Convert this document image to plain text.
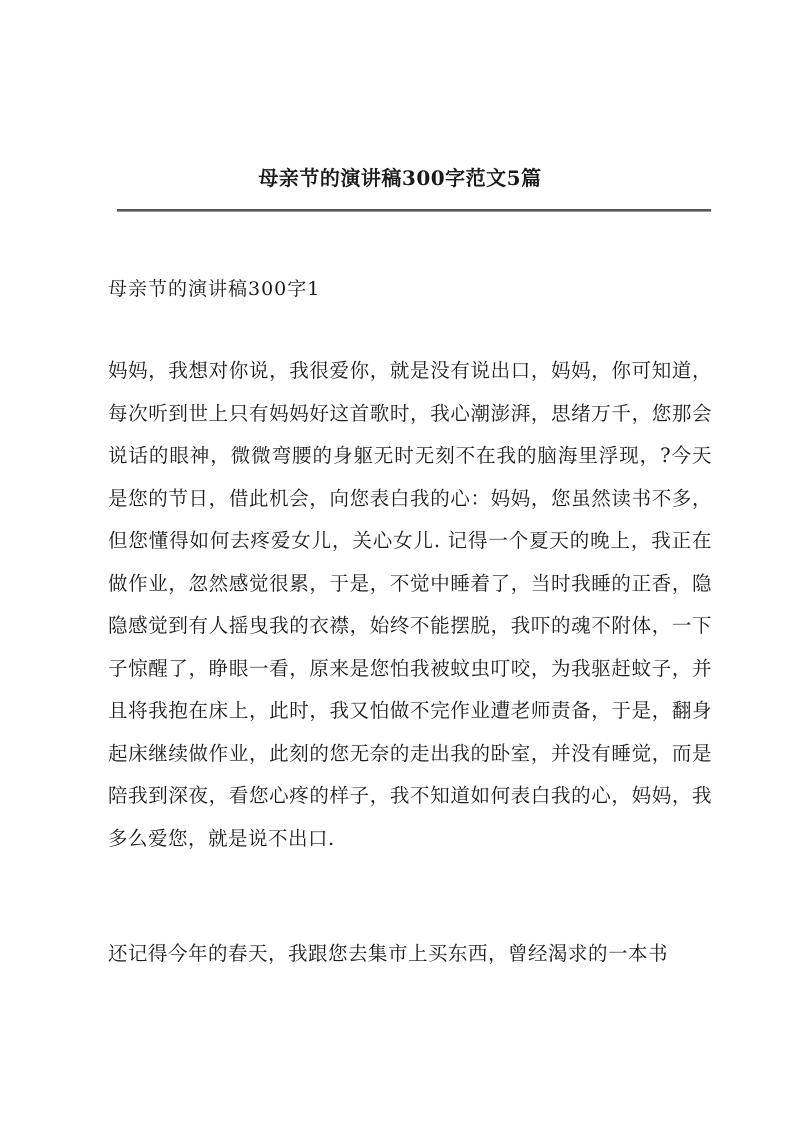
母亲节的演讲稿300字范文5篇
母亲节的演讲稿300字1

妈妈，我想对你说，我很爱你，就是没有说出口，妈妈，你可知道，每次听到世上只有妈妈好这首歌时，我心潮澎湃，思绪万千，您那会说话的眼神，微微弯腰的身躯无时无刻不在我的脑海里浮现，?今天是您的节日，借此机会，向您表白我的心：妈妈，您虽然读书不多，但您懂得如何去疼爱女儿，关心女儿. 记得一个夏天的晚上，我正在做作业，忽然感觉很累，于是，不觉中睡着了，当时我睡的正香，隐隐感觉到有人摇曳我的衣襟，始终不能摆脱，我吓的魂不附体，一下子惊醒了，睁眼一看，原来是您怕我被蚊虫叮咬，为我驱赶蚊子，并且将我抱在床上，此时，我又怕做不完作业遭老师责备，于是，翻身起床继续做作业，此刻的您无奈的走出我的卧室，并没有睡觉，而是陪我到深夜，看您心疼的样子，我不知道如何表白我的心，妈妈，我多么爱您，就是说不出口.

还记得今年的春天，我跟您去集市上买东西，曾经渴求的一本书
